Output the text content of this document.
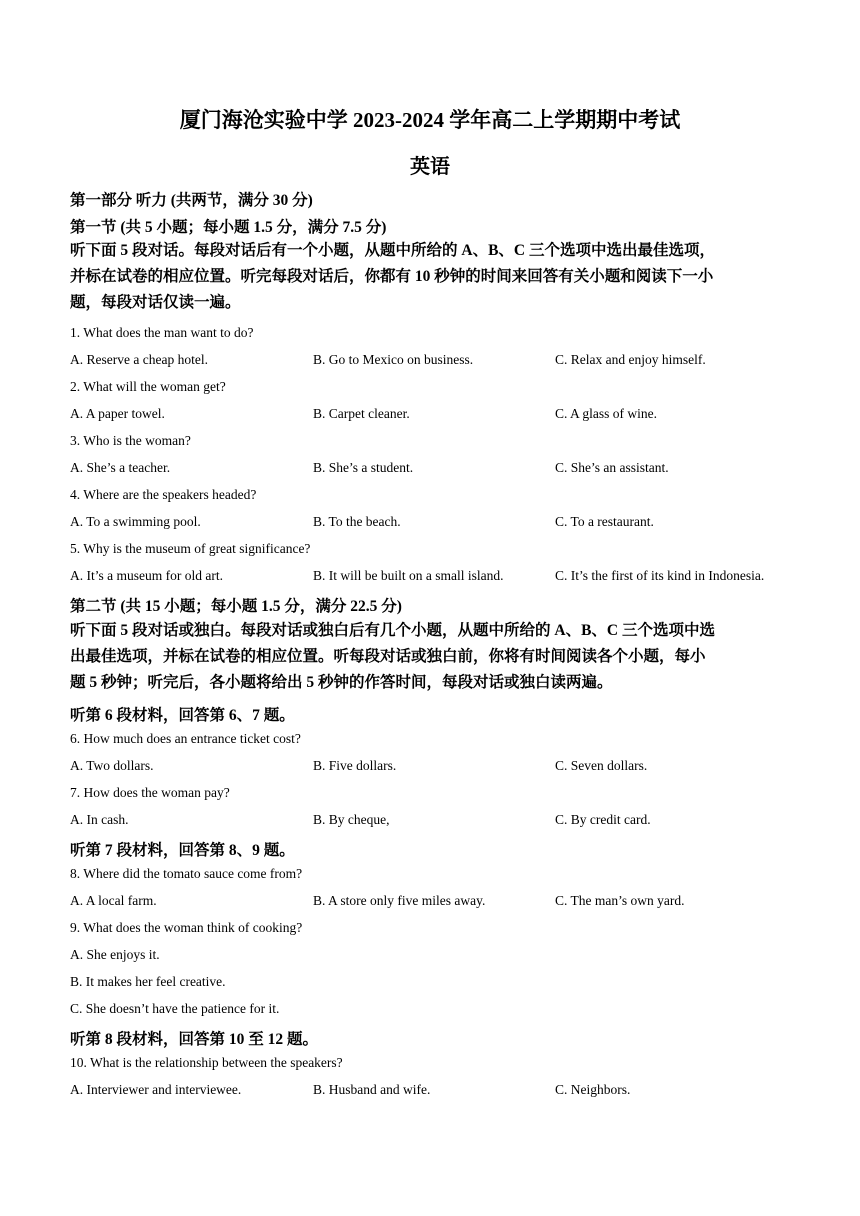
厦门海沧实验中学 2023-2024 学年高二上学期期中考试
英语
第一部分 听力 (共两节，满分 30 分)
第一节 (共 5 小题；每小题 1.5 分，满分 7.5 分)
听下面 5 段对话。每段对话后有一个小题，从题中所给的 A、B、C 三个选项中选出最佳选项，
并标在试卷的相应位置。听完每段对话后，你都有 10 秒钟的时间来回答有关小题和阅读下一小
题，每段对话仅读一遍。
1. What does the man want to do?
A. Reserve a cheap hotel.	B. Go to Mexico on business.	C. Relax and enjoy himself.
2. What will the woman get?
A. A paper towel.	B. Carpet cleaner.	C. A glass of wine.
3. Who is the woman?
A. She’s a teacher.	B. She’s a student.	C. She’s an assistant.
4. Where are the speakers headed?
A. To a swimming pool.	B. To the beach.	C. To a restaurant.
5. Why is the museum of great significance?
A. It’s a museum for old art.	B. It will be built on a small island.	C. It’s the first of its kind in Indonesia.
第二节 (共 15 小题；每小题 1.5 分，满分 22.5 分)
听下面 5 段对话或独白。每段对话或独白后有几个小题，从题中所给的 A、B、C 三个选项中选
出最佳选项，并标在试卷的相应位置。听每段对话或独白前，你将有时间阅读各个小题，每小
题 5 秒钟；听完后，各小题将给出 5 秒钟的作答时间，每段对话或独白读两遍。
听第 6 段材料，回答第 6、7 题。
6. How much does an entrance ticket cost?
A. Two dollars.	B. Five dollars.	C. Seven dollars.
7. How does the woman pay?
A. In cash.	B. By cheque,	C. By credit card.
听第 7 段材料，回答第 8、9 题。
8. Where did the tomato sauce come from?
A. A local farm.	B. A store only five miles away.	C. The man’s own yard.
9. What does the woman think of cooking?
A. She enjoys it.
B. It makes her feel creative.
C. She doesn’t have the patience for it.
听第 8 段材料，回答第 10 至 12 题。
10. What is the relationship between the speakers?
A. Interviewer and interviewee.	B. Husband and wife.	C. Neighbors.
